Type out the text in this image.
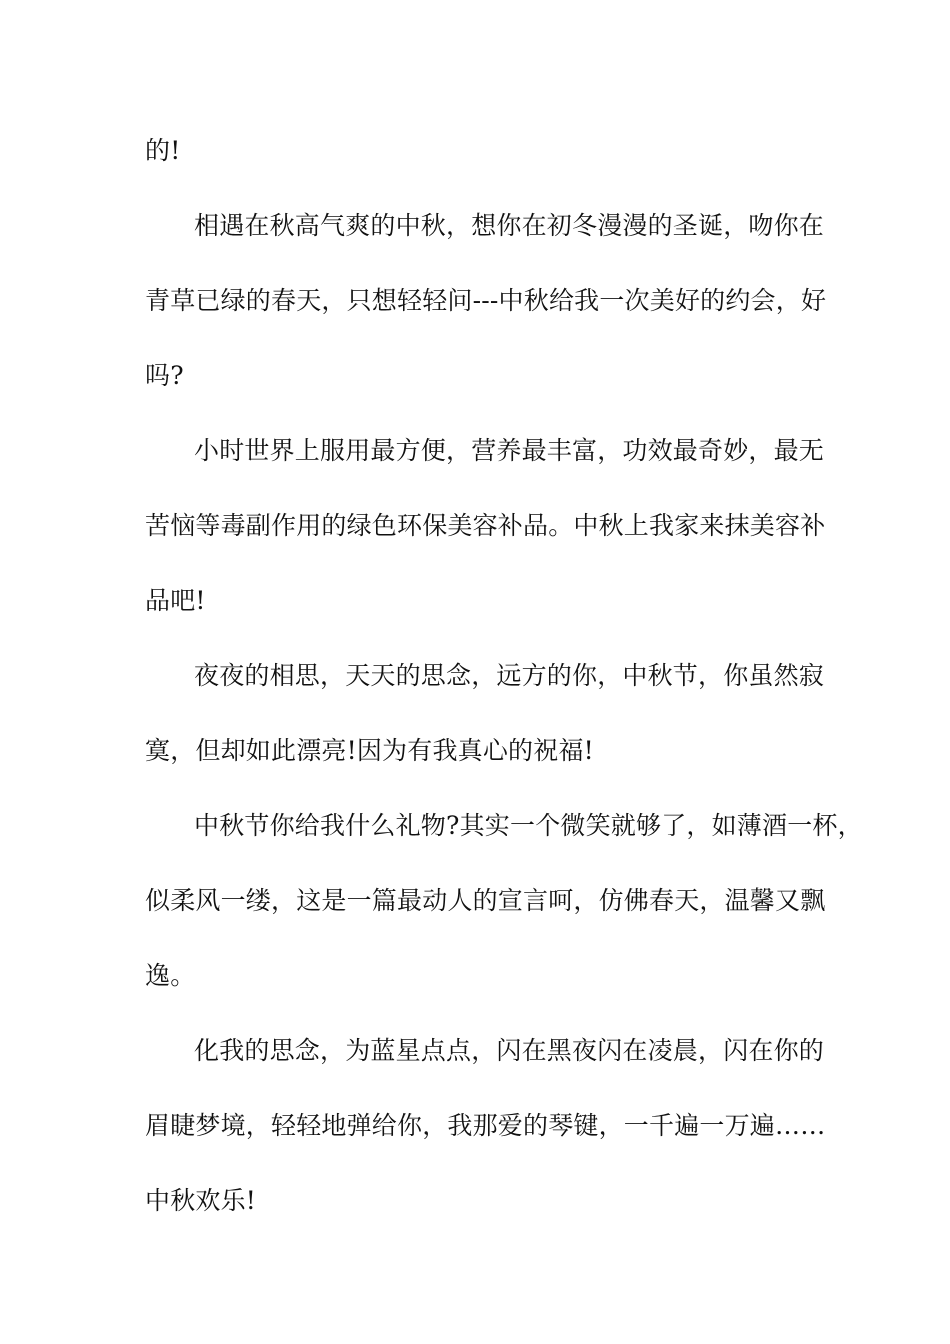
的!
相遇在秋高气爽的中秋，想你在初冬漫漫的圣诞，吻你在
青草已绿的春天，只想轻轻问---中秋给我一次美好的约会，好
吗?
小时世界上服用最方便，营养最丰富，功效最奇妙，最无
苦恼等毒副作用的绿色环保美容补品。中秋上我家来抹美容补
品吧!
夜夜的相思，天天的思念，远方的你，中秋节，你虽然寂
寞，但却如此漂亮!因为有我真心的祝福!
中秋节你给我什么礼物?其实一个微笑就够了，如薄酒一杯，
似柔风一缕，这是一篇最动人的宣言呵，仿佛春天，温馨又飘
逸。
化我的思念，为蓝星点点，闪在黑夜闪在凌晨，闪在你的
眉睫梦境，轻轻地弹给你，我那爱的琴键，一千遍一万遍……
中秋欢乐!
